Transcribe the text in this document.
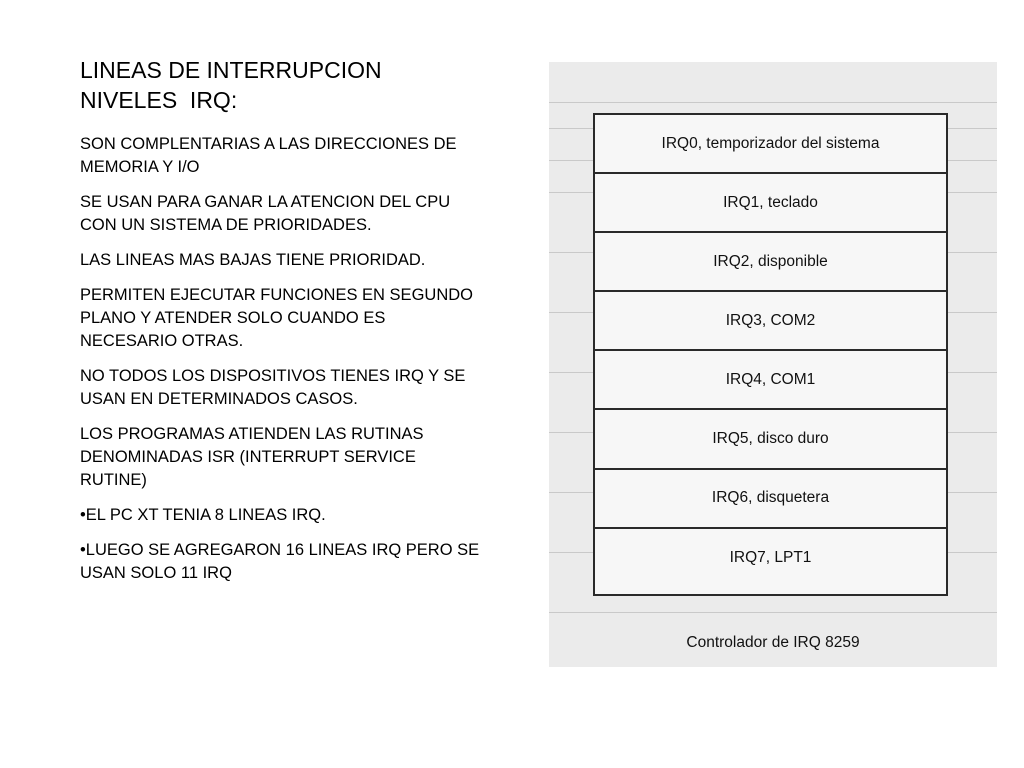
LINEAS DE INTERRUPCION
NIVELES  IRQ:

SON COMPLENTARIAS A LAS DIRECCIONES DE MEMORIA Y I/O

SE USAN PARA GANAR LA ATENCION DEL CPU CON UN SISTEMA DE PRIORIDADES.

LAS LINEAS MAS BAJAS TIENE PRIORIDAD.

PERMITEN EJECUTAR FUNCIONES EN SEGUNDO PLANO Y ATENDER SOLO CUANDO ES NECESARIO OTRAS.

NO TODOS LOS DISPOSITIVOS TIENES IRQ Y SE USAN EN DETERMINADOS CASOS.

LOS PROGRAMAS ATIENDEN LAS RUTINAS DENOMINADAS ISR (INTERRUPT SERVICE RUTINE)

•EL PC XT TENIA 8 LINEAS IRQ.

•LUEGO SE AGREGARON 16 LINEAS IRQ PERO SE USAN SOLO 11 IRQ

IRQ0, temporizador del sistema
IRQ1, teclado
IRQ2, disponible
IRQ3, COM2
IRQ4, COM1
IRQ5, disco duro
IRQ6, disquetera
IRQ7, LPT1
Controlador de IRQ 8259
